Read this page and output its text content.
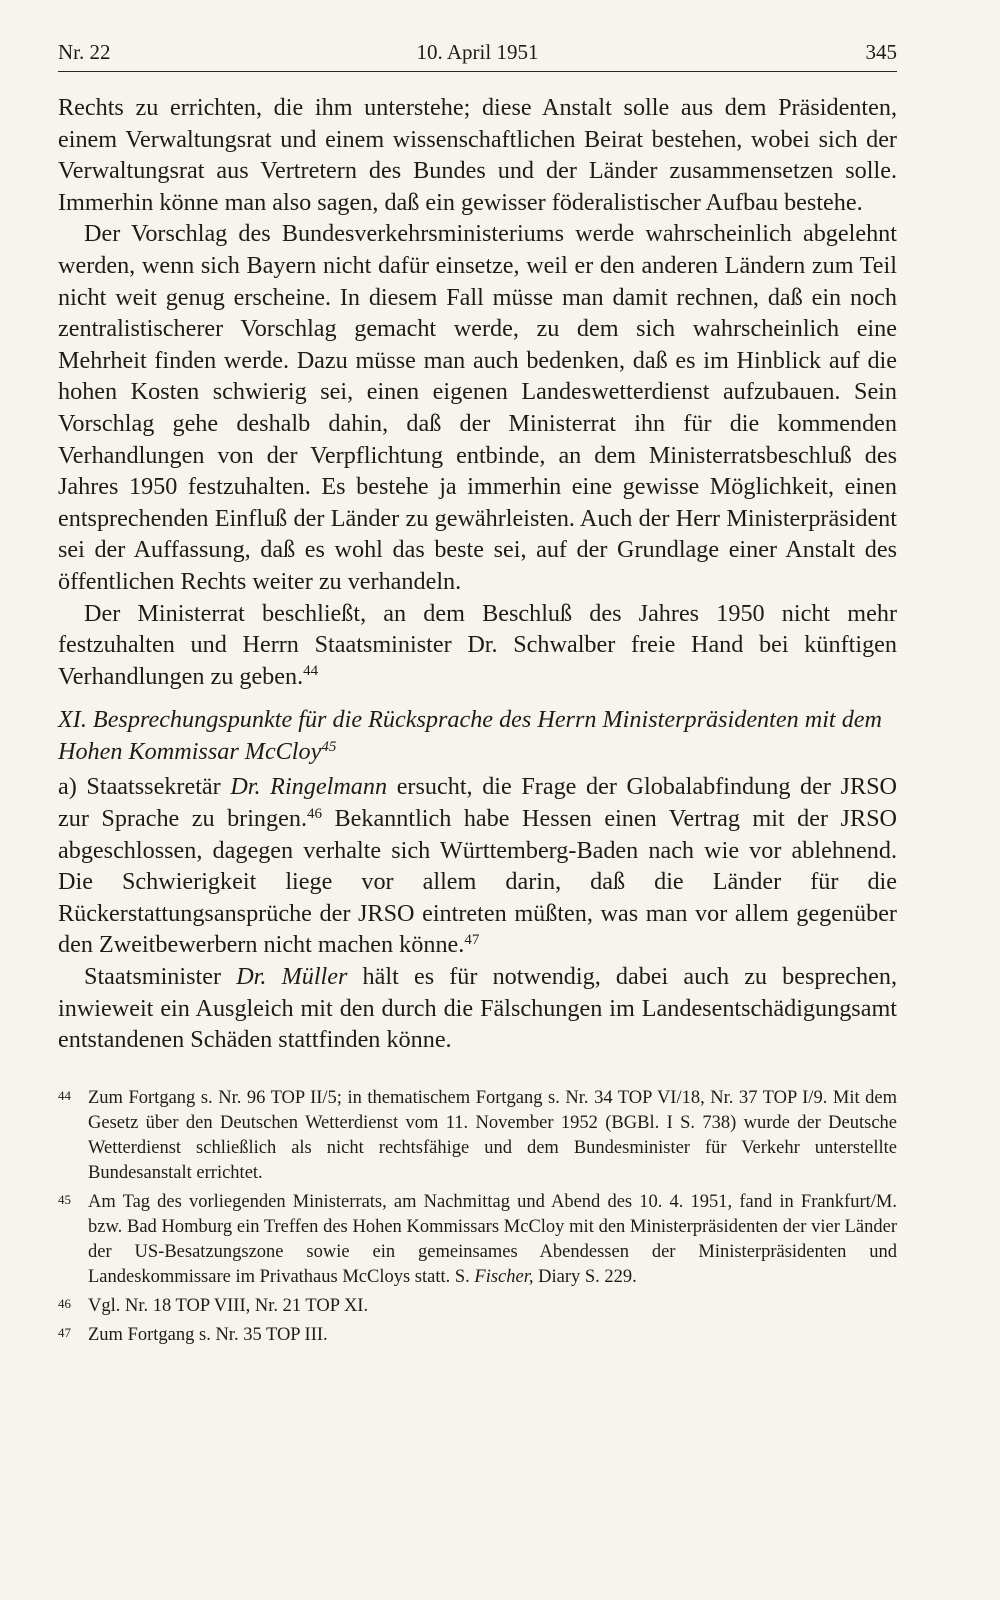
Nr. 22	10. April 1951	345

Rechts zu errichten, die ihm unterstehe; diese Anstalt solle aus dem Präsidenten, einem Verwaltungsrat und einem wissenschaftlichen Beirat bestehen, wobei sich der Verwaltungsrat aus Vertretern des Bundes und der Länder zusammensetzen solle. Immerhin könne man also sagen, daß ein gewisser föderalistischer Aufbau bestehe.

Der Vorschlag des Bundesverkehrsministeriums werde wahrscheinlich abgelehnt werden, wenn sich Bayern nicht dafür einsetze, weil er den anderen Ländern zum Teil nicht weit genug erscheine. In diesem Fall müsse man damit rechnen, daß ein noch zentralistischerer Vorschlag gemacht werde, zu dem sich wahrscheinlich eine Mehrheit finden werde. Dazu müsse man auch bedenken, daß es im Hinblick auf die hohen Kosten schwierig sei, einen eigenen Landeswetterdienst aufzubauen. Sein Vorschlag gehe deshalb dahin, daß der Ministerrat ihn für die kommenden Verhandlungen von der Verpflichtung entbinde, an dem Ministerratsbeschluß des Jahres 1950 festzuhalten. Es bestehe ja immerhin eine gewisse Möglichkeit, einen entsprechenden Einfluß der Länder zu gewährleisten. Auch der Herr Ministerpräsident sei der Auffassung, daß es wohl das beste sei, auf der Grundlage einer Anstalt des öffentlichen Rechts weiter zu verhandeln.

Der Ministerrat beschließt, an dem Beschluß des Jahres 1950 nicht mehr festzuhalten und Herrn Staatsminister Dr. Schwalber freie Hand bei künftigen Verhandlungen zu geben.$^{44}$

XI. Besprechungspunkte für die Rücksprache des Herrn Ministerpräsidenten mit dem Hohen Kommissar McCloy$^{45}$

a) Staatssekretär Dr. Ringelmann ersucht, die Frage der Globalabfindung der JRSO zur Sprache zu bringen.$^{46}$ Bekanntlich habe Hessen einen Vertrag mit der JRSO abgeschlossen, dagegen verhalte sich Württemberg-Baden nach wie vor ablehnend. Die Schwierigkeit liege vor allem darin, daß die Länder für die Rückerstattungsansprüche der JRSO eintreten müßten, was man vor allem gegenüber den Zweitbewerbern nicht machen könne.$^{47}$

Staatsminister Dr. Müller hält es für notwendig, dabei auch zu besprechen, inwieweit ein Ausgleich mit den durch die Fälschungen im Landesentschädigungsamt entstandenen Schäden stattfinden könne.

44 Zum Fortgang s. Nr. 96 TOP II/5; in thematischem Fortgang s. Nr. 34 TOP VI/18, Nr. 37 TOP I/9. Mit dem Gesetz über den Deutschen Wetterdienst vom 11. November 1952 (BGBl. I S. 738) wurde der Deutsche Wetterdienst schließlich als nicht rechtsfähige und dem Bundesminister für Verkehr unterstellte Bundesanstalt errichtet.
45 Am Tag des vorliegenden Ministerrats, am Nachmittag und Abend des 10. 4. 1951, fand in Frankfurt/M. bzw. Bad Homburg ein Treffen des Hohen Kommissars McCloy mit den Ministerpräsidenten der vier Länder der US-Besatzungszone sowie ein gemeinsames Abendessen der Ministerpräsidenten und Landeskommissare im Privathaus McCloys statt. S. Fischer, Diary S. 229.
46 Vgl. Nr. 18 TOP VIII, Nr. 21 TOP XI.
47 Zum Fortgang s. Nr. 35 TOP III.
